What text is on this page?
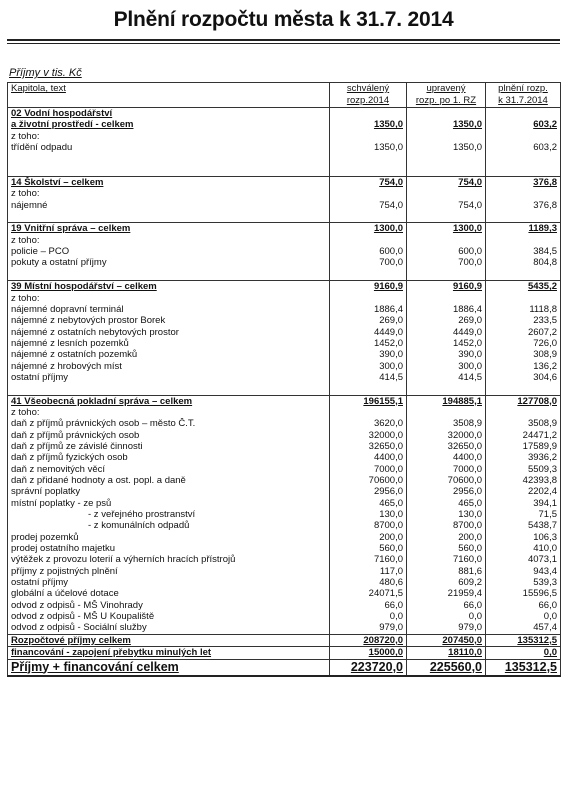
Plnění rozpočtu města k 31.7. 2014
Příjmy v tis. Kč
Kapitola, text	schválený	upravený	plnění rozp.
	rozp.2014	rozp. po 1. RZ	k 31.7.2014
02 Vodní hospodářství			
a životní prostředí - celkem	1350,0	1350,0	603,2
z toho:			
třídění odpadu	1350,0	1350,0	603,2

14 Školství – celkem	754,0	754,0	376,8
z toho:			
nájemné	754,0	754,0	376,8

19 Vnitřní správa – celkem	1300,0	1300,0	1189,3
z toho:			
policie – PCO	600,0	600,0	384,5
pokuty a ostatní příjmy	700,0	700,0	804,8

39 Místní hospodářství – celkem	9160,9	9160,9	5435,2
z toho:			
nájemné dopravní terminál	1886,4	1886,4	1118,8
nájemné z nebytových prostor Borek	269,0	269,0	233,5
nájemné z ostatních nebytových prostor	4449,0	4449,0	2607,2
nájemné z lesních pozemků	1452,0	1452,0	726,0
nájemné z ostatních pozemků	390,0	390,0	308,9
nájemné z hrobových míst	300,0	300,0	136,2
ostatní příjmy	414,5	414,5	304,6

41 Všeobecná pokladní správa – celkem	196155,1	194885,1	127708,0
z toho:			
daň z příjmů právnických osob – město Č.T.	3620,0	3508,9	3508,9
daň z příjmů právnických osob	32000,0	32000,0	24471,2
daň z příjmů ze závislé činnosti	32650,0	32650,0	17589,9
daň z příjmů fyzických osob	4400,0	4400,0	3936,2
daň z nemovitých věcí	7000,0	7000,0	5509,3
daň z přidané hodnoty a ost. popl. a daně	70600,0	70600,0	42393,8
správní poplatky	2956,0	2956,0	2202,4
místní poplatky - ze psů	465,0	465,0	394,1
- z veřejného prostranství	130,0	130,0	71,5
- z komunálních odpadů	8700,0	8700,0	5438,7
prodej pozemků	200,0	200,0	106,3
prodej ostatního majetku	560,0	560,0	410,0
výtěžek z provozu loterií a výherních hracích přístrojů	7160,0	7160,0	4073,1
příjmy z pojistných plnění	117,0	881,6	943,4
ostatní příjmy	480,6	609,2	539,3
globální a účelové dotace	24071,5	21959,4	15596,5
odvod z odpisů - MŠ Vinohrady	66,0	66,0	66,0
odvod z odpisů - MŠ U Koupaliště	0,0	0,0	0,0
odvod z odpisů - Sociální služby	979,0	979,0	457,4
Rozpočtové příjmy celkem	208720,0	207450,0	135312,5
financování - zapojení přebytku minulých let	15000,0	18110,0	0,0
Příjmy + financování celkem	223720,0	225560,0	135312,5
